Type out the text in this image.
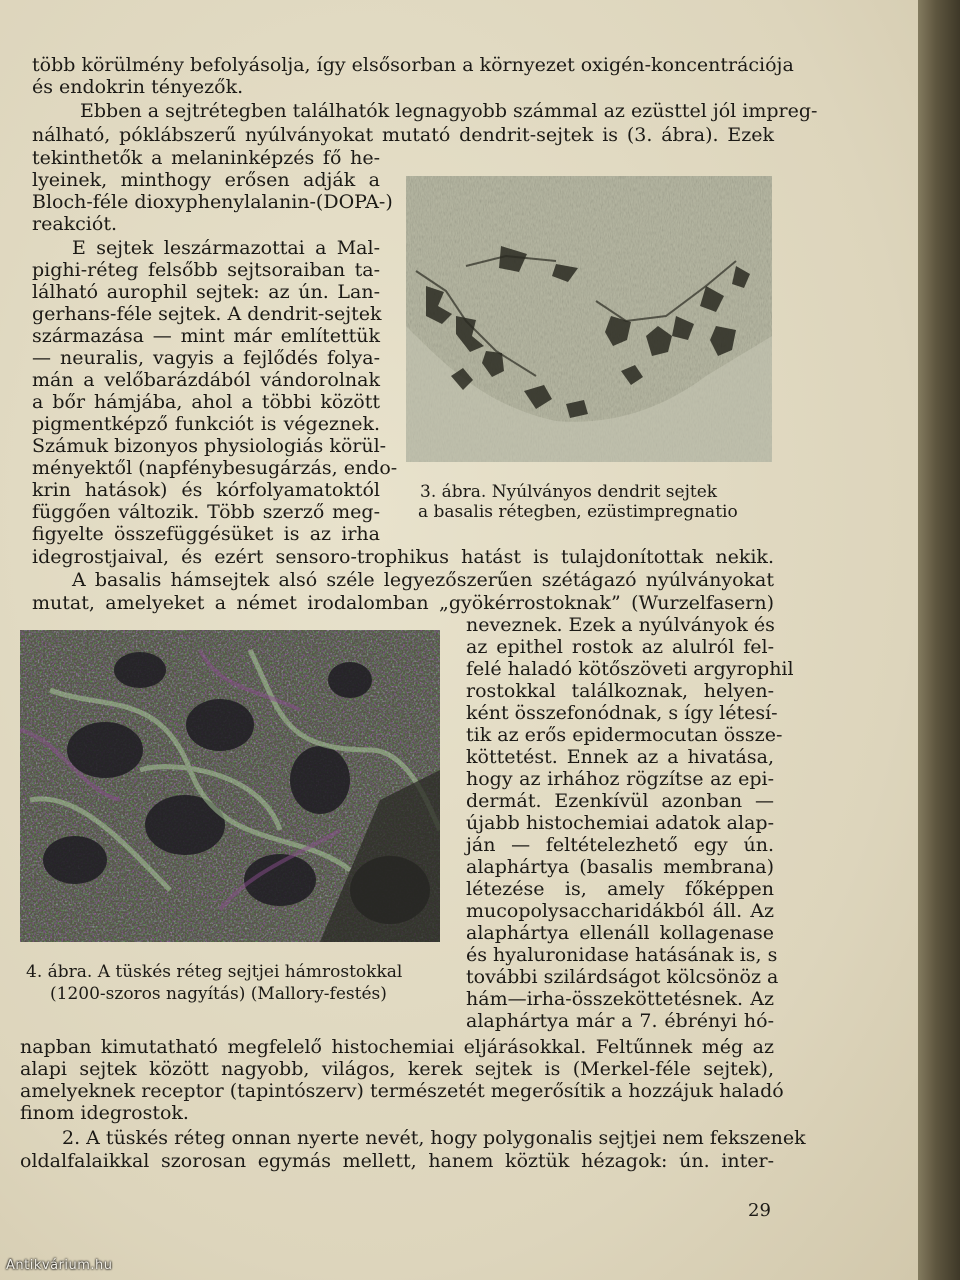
több körülmény befolyásolja, így elsősorban a környezet oxigén-koncentrációja
és endokrin tényezők.
Ebben a sejtrétegben találhatók legnagyobb számmal az ezüsttel jól impreg-
nálható, póklábszerű nyúlványokat mutató dendrit-sejtek is (3. ábra). Ezek
tekinthetők a melaninképzés fő he-
lyeinek, minthogy erősen adják a
Bloch-féle dioxyphenylalanin-(DOPA-)
reakciót.
E sejtek leszármazottai a Mal-
pighi-réteg felsőbb sejtsoraiban ta-
lálható aurophil sejtek: az ún. Lan-
gerhans-féle sejtek. A dendrit-sejtek
származása — mint már említettük
— neuralis, vagyis a fejlődés folya-
mán a velőbarázdából vándorolnak
a bőr hámjába, ahol a többi között
pigmentképző funkciót is végeznek.
Számuk bizonyos physiologiás körül-
ményektől (napfénybesugárzás, endo-
krin hatások) és kórfolyamatoktól
függően változik. Több szerző meg-
figyelte összefüggésüket is az irha
3. ábra. Nyúlványos dendrit sejtek
a basalis rétegben, ezüstimpregnatio
idegrostjaival, és ezért sensoro-trophikus hatást is tulajdonítottak nekik.
A basalis hámsejtek alsó széle legyezőszerűen szétágazó nyúlványokat
mutat, amelyeket a német irodalomban „gyökérrostoknak” (Wurzelfasern)
4. ábra. A tüskés réteg sejtjei hámrostokkal
(1200-szoros nagyítás) (Mallory-festés)
neveznek. Ezek a nyúlványok és
az epithel rostok az alulról fel-
felé haladó kötőszöveti argyrophil
rostokkal találkoznak, helyen-
ként összefonódnak, s így létesí-
tik az erős epidermocutan össze-
köttetést. Ennek az a hivatása,
hogy az irhához rögzítse az epi-
dermát. Ezenkívül azonban —
újabb histochemiai adatok alap-
ján — feltételezhető egy ún.
alaphártya (basalis membrana)
létezése is, amely főképpen
mucopolysaccharidákból áll. Az
alaphártya ellenáll kollagenase
és hyaluronidase hatásának is, s
további szilárdságot kölcsönöz a
hám—irha-összeköttetésnek. Az
alaphártya már a 7. ébrényi hó-
napban kimutatható megfelelő histochemiai eljárásokkal. Feltűnnek még az
alapi sejtek között nagyobb, világos, kerek sejtek is (Merkel-féle sejtek),
amelyeknek receptor (tapintószerv) természetét megerősítik a hozzájuk haladó
finom idegrostok.
2. A tüskés réteg onnan nyerte nevét, hogy polygonalis sejtjei nem fekszenek
oldalfalaikkal szorosan egymás mellett, hanem köztük hézagok: ún. inter-
29
Antikvárium.hu
